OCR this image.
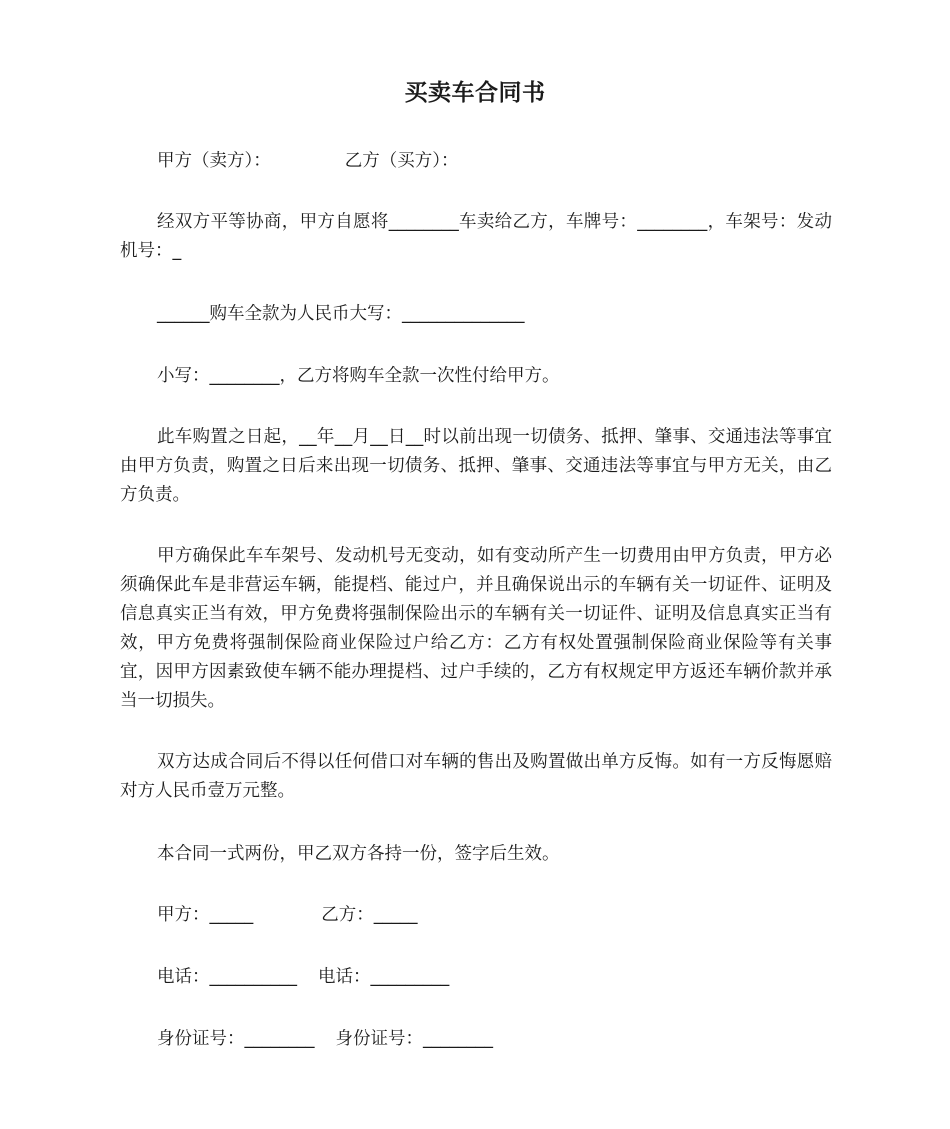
买卖车合同书
甲方（卖方）：	乙方（买方）：

经双方平等协商，甲方自愿将________车卖给乙方，车牌号：________，车架号：发动机号：_

______购车全款为人民币大写：______________
小写：________，乙方将购车全款一次性付给甲方。

此车购置之日起，__年__月__日__时以前出现一切债务、抵押、肇事、交通违法等事宜由甲方负责，购置之日后来出现一切债务、抵押、肇事、交通违法等事宜与甲方无关，由乙方负责。

甲方确保此车车架号、发动机号无变动，如有变动所产生一切费用由甲方负责，甲方必须确保此车是非营运车辆，能提档、能过户，并且确保说出示的车辆有关一切证件、证明及信息真实正当有效，甲方免费将强制保险出示的车辆有关一切证件、证明及信息真实正当有效，甲方免费将强制保险商业保险过户给乙方：乙方有权处置强制保险商业保险等有关事宜，因甲方因素致使车辆不能办理提档、过户手续的，乙方有权规定甲方返还车辆价款并承当一切损失。

双方达成合同后不得以任何借口对车辆的售出及购置做出单方反悔。如有一方反悔愿赔对方人民币壹万元整。

本合同一式两份，甲乙双方各持一份，签字后生效。
甲方：_____	乙方：_____
电话：__________ 电话：_________
身份证号：________ 身份证号：________
